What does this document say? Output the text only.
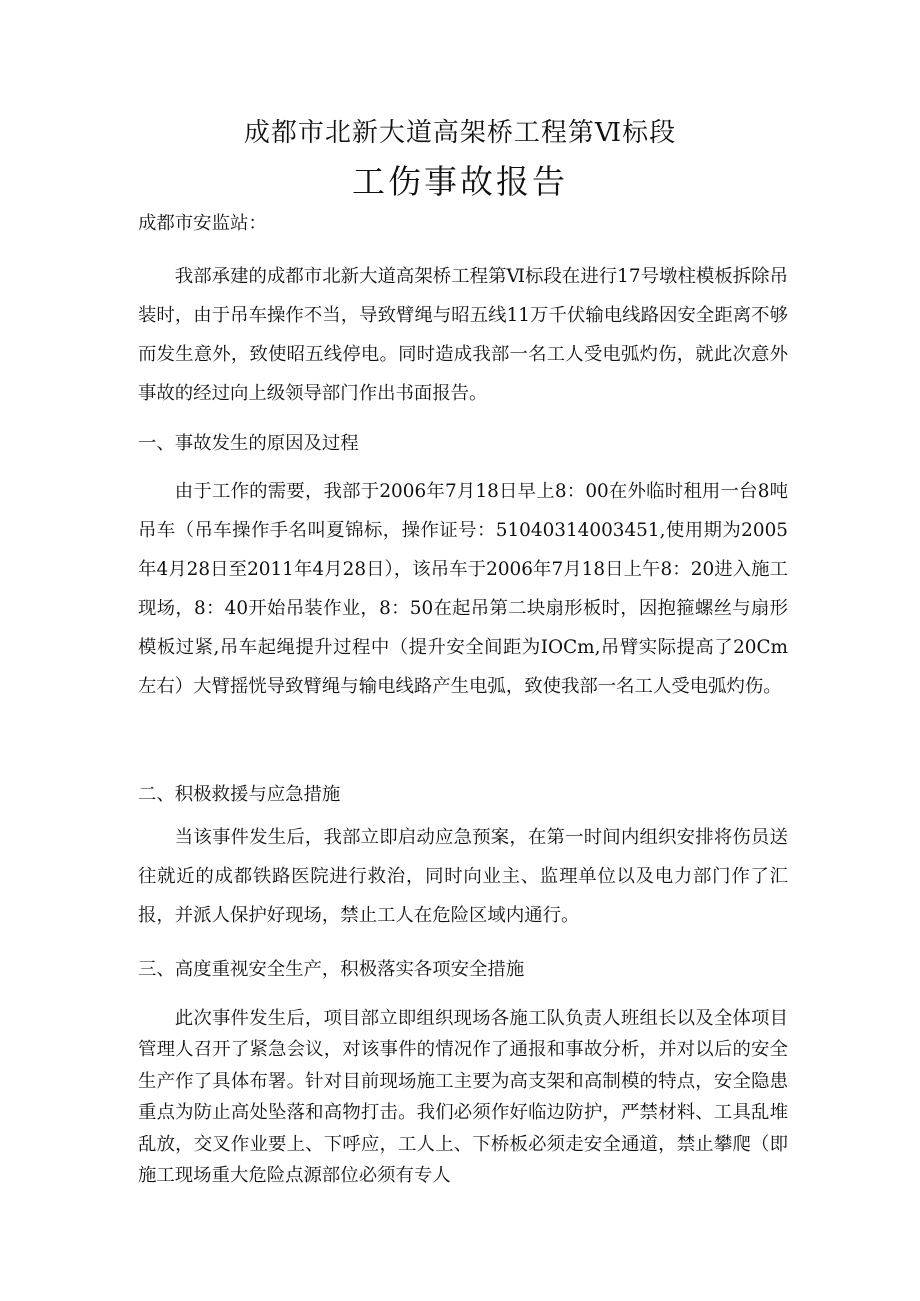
成都市北新大道高架桥工程第Ⅵ标段
工伤事故报告

成都市安监站：

我部承建的成都市北新大道高架桥工程第Ⅵ标段在进行17号墩柱模板拆除吊装时，由于吊车操作不当，导致臂绳与昭五线11万千伏输电线路因安全距离不够而发生意外，致使昭五线停电。同时造成我部一名工人受电弧灼伤，就此次意外事故的经过向上级领导部门作出书面报告。

一、事故发生的原因及过程

由于工作的需要，我部于2006年7月18日早上8：00在外临时租用一台8吨吊车（吊车操作手名叫夏锦标，操作证号：51040314003451,使用期为2005年4月28日至2011年4月28日），该吊车于2006年7月18日上午8：20进入施工现场，8：40开始吊装作业，8：50在起吊第二块扇形板时，因抱箍螺丝与扇形模板过紧,吊车起绳提升过程中（提升安全间距为IOCm,吊臂实际提高了20Cm左右）大臂摇恍导致臂绳与输电线路产生电弧，致使我部一名工人受电弧灼伤。

二、积极救援与应急措施

当该事件发生后，我部立即启动应急预案，在第一时间内组织安排将伤员送往就近的成都铁路医院进行救治，同时向业主、监理单位以及电力部门作了汇报，并派人保护好现场，禁止工人在危险区域内通行。

三、高度重视安全生产，积极落实各项安全措施

此次事件发生后，项目部立即组织现场各施工队负责人班组长以及全体项目管理人召开了紧急会议，对该事件的情况作了通报和事故分析，并对以后的安全生产作了具体布署。针对目前现场施工主要为高支架和高制模的特点，安全隐患重点为防止高处坠落和高物打击。我们必须作好临边防护，严禁材料、工具乱堆乱放，交叉作业要上、下呼应，工人上、下桥板必须走安全通道，禁止攀爬（即施工现场重大危险点源部位必须有专人
